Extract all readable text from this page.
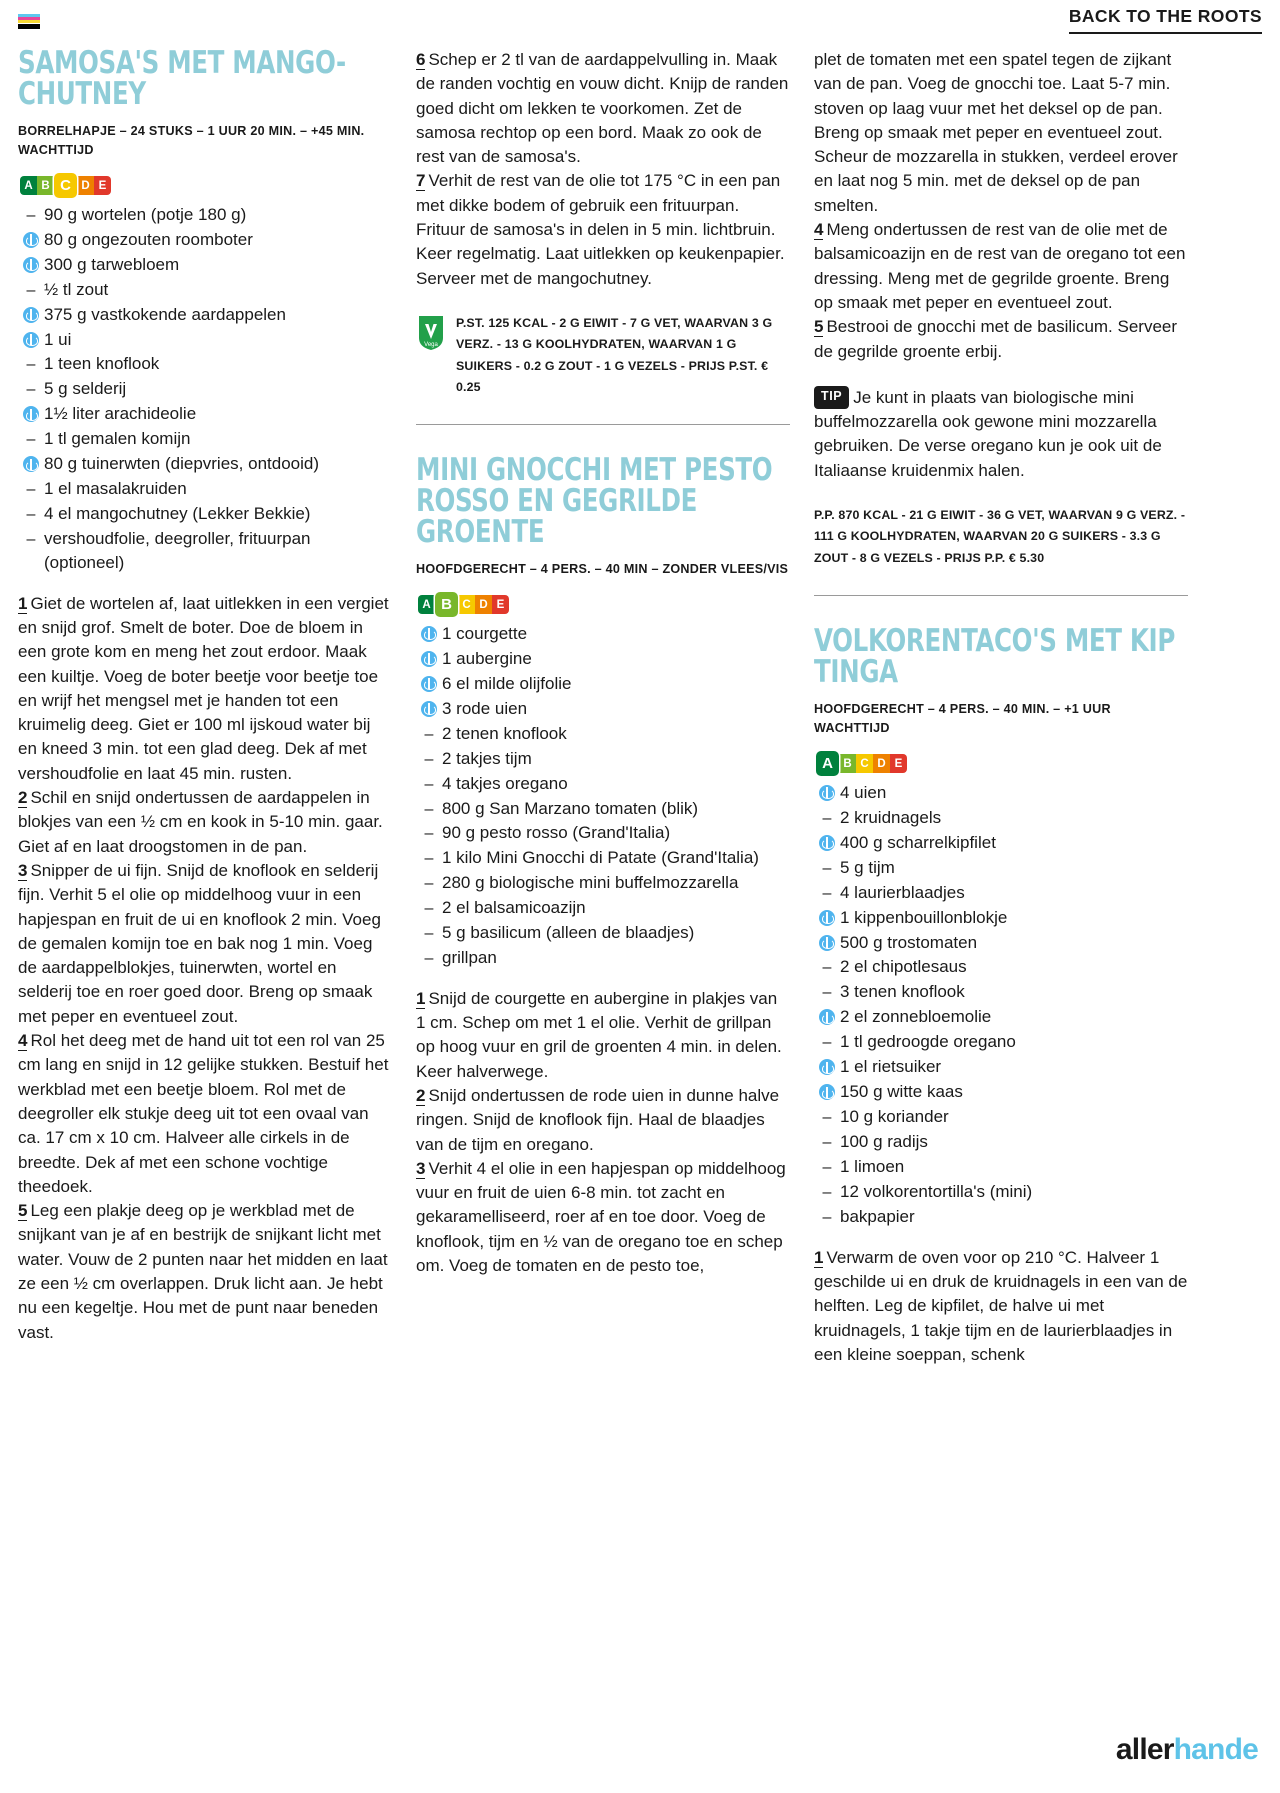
BACK TO THE ROOTS
SAMOSA'S MET MANGO-CHUTNEY

BORRELHAPJE – 24 STUKS – 1 UUR 20 MIN. – +45 MIN. WACHTTIJD

A B C D E
–
90 g wortelen (potje 180 g)
80 g ongezouten roomboter
300 g tarwebloem
–
½ tl zout
375 g vastkokende aardappelen
1 ui
–
1 teen knoflook
–
5 g selderij
1½ liter arachideolie
–
1 tl gemalen komijn
80 g tuinerwten (diepvries, ontdooid)
–
1 el masalakruiden
–
4 el mangochutney (Lekker Bekkie)
–
vershoudfolie, deegroller, frituurpan (optioneel)

1 Giet de wortelen af, laat uitlekken in een vergiet en snijd grof. Smelt de boter. Doe de bloem in een grote kom en meng het zout erdoor. Maak een kuiltje. Voeg de boter beetje voor beetje toe en wrijf het mengsel met je handen tot een kruimelig deeg. Giet er 100 ml ijskoud water bij en kneed 3 min. tot een glad deeg. Dek af met vershoudfolie en laat 45 min. rusten.

2 Schil en snijd ondertussen de aardappelen in blokjes van een ½ cm en kook in 5-10 min. gaar. Giet af en laat droogstomen in de pan.

3 Snipper de ui fijn. Snijd de knoflook en selderij fijn. Verhit 5 el olie op middelhoog vuur in een hapjespan en fruit de ui en knoflook 2 min. Voeg de gemalen komijn toe en bak nog 1 min. Voeg de aardappelblokjes, tuinerwten, wortel en selderij toe en roer goed door. Breng op smaak met peper en eventueel zout.

4 Rol het deeg met de hand uit tot een rol van 25 cm lang en snijd in 12 gelijke stukken. Bestuif het werkblad met een beetje bloem. Rol met de deegroller elk stukje deeg uit tot een ovaal van ca. 17 cm x 10 cm. Halveer alle cirkels in de breedte. Dek af met een schone vochtige theedoek.

5 Leg een plakje deeg op je werkblad met de snijkant van je af en bestrijk de snijkant licht met water. Vouw de 2 punten naar het midden en laat ze een ½ cm overlappen. Druk licht aan. Je hebt nu een kegeltje. Hou met de punt naar beneden vast.

6 Schep er 2 tl van de aardappelvulling in. Maak de randen vochtig en vouw dicht. Knijp de randen goed dicht om lekken te voorkomen. Zet de samosa rechtop op een bord. Maak zo ook de rest van de samosa's.

7 Verhit de rest van de olie tot 175 °C in een pan met dikke bodem of gebruik een frituurpan. Frituur de samosa's in delen in 5 min. lichtbruin. Keer regelmatig. Laat uitlekken op keukenpapier. Serveer met de mangochutney.

Vega
P.ST. 125 KCAL - 2 G EIWIT - 7 G VET, WAARVAN 3 G VERZ. - 13 G KOOLHYDRATEN, WAARVAN 1 G SUIKERS - 0.2 G ZOUT - 1 G VEZELS - PRIJS P.ST. € 0.25
MINI GNOCCHI MET PESTO ROSSO EN GEGRILDE GROENTE

HOOFDGERECHT – 4 PERS. – 40 MIN – ZONDER VLEES/VIS

A B C D E
1 courgette
1 aubergine
6 el milde olijfolie
3 rode uien
–
2 tenen knoflook
–
2 takjes tijm
–
4 takjes oregano
–
800 g San Marzano tomaten (blik)
–
90 g pesto rosso (Grand'Italia)
–
1 kilo Mini Gnocchi di Patate (Grand'Italia)
–
280 g biologische mini buffelmozzarella
–
2 el balsamicoazijn
–
5 g basilicum (alleen de blaadjes)
–
grillpan

1 Snijd de courgette en aubergine in plakjes van 1 cm. Schep om met 1 el olie. Verhit de grillpan op hoog vuur en gril de groenten 4 min. in delen. Keer halverwege.

2 Snijd ondertussen de rode uien in dunne halve ringen. Snijd de knoflook fijn. Haal de blaadjes van de tijm en oregano.

3 Verhit 4 el olie in een hapjespan op middelhoog vuur en fruit de uien 6-8 min. tot zacht en gekaramelliseerd, roer af en toe door. Voeg de knoflook, tijm en ½ van de oregano toe en schep om. Voeg de tomaten en de pesto toe,

plet de tomaten met een spatel tegen de zijkant van de pan. Voeg de gnocchi toe. Laat 5-7 min. stoven op laag vuur met het deksel op de pan. Breng op smaak met peper en eventueel zout. Scheur de mozzarella in stukken, verdeel erover en laat nog 5 min. met de deksel op de pan smelten.

4 Meng ondertussen de rest van de olie met de balsamicoazijn en de rest van de oregano tot een dressing. Meng met de gegrilde groente. Breng op smaak met peper en eventueel zout.

5 Bestrooi de gnocchi met de basilicum. Serveer de gegrilde groente erbij.

TIP Je kunt in plaats van biologische mini buffelmozzarella ook gewone mini mozzarella gebruiken. De verse oregano kun je ook uit de Italiaanse kruidenmix halen.
P.P. 870 KCAL - 21 G EIWIT - 36 G VET, WAARVAN 9 G VERZ. - 111 G KOOLHYDRATEN, WAARVAN 20 G SUIKERS - 3.3 G ZOUT - 8 G VEZELS - PRIJS P.P. € 5.30
VOLKORENTACO'S MET KIP TINGA

HOOFDGERECHT – 4 PERS. – 40 MIN. – +1 UUR WACHTTIJD

A B C D E
4 uien
–
2 kruidnagels
400 g scharrelkipfilet
–
5 g tijm
–
4 laurierblaadjes
1 kippenbouillonblokje
500 g trostomaten
–
2 el chipotlesaus
–
3 tenen knoflook
2 el zonnebloemolie
–
1 tl gedroogde oregano
1 el rietsuiker
150 g witte kaas
–
10 g koriander
–
100 g radijs
–
1 limoen
–
12 volkorentortilla's (mini)
–
bakpapier

1 Verwarm de oven voor op 210 °C. Halveer 1 geschilde ui en druk de kruidnagels in een van de helften. Leg de kipfilet, de halve ui met kruidnagels, 1 takje tijm en de laurierblaadjes in een kleine soeppan, schenk

allerhande
